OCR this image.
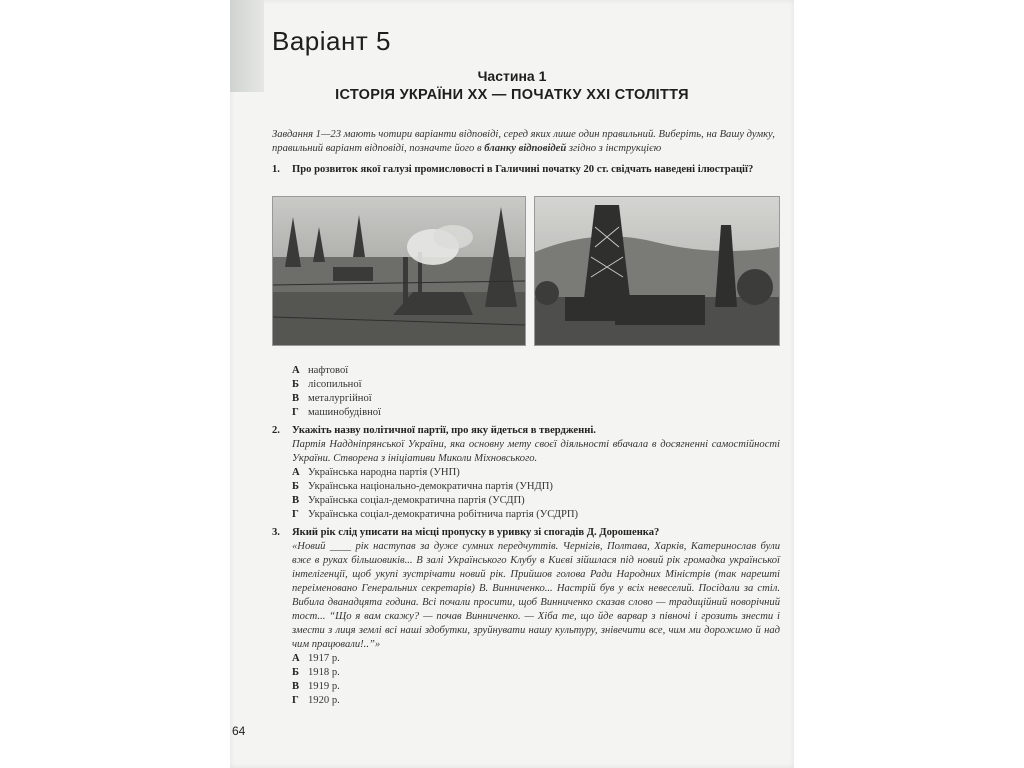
Варіант 5
Частина 1
ІСТОРІЯ УКРАЇНИ ХХ — ПОЧАТКУ ХХІ СТОЛІТТЯ
Завдання 1—23 мають чотири варіанти відповіді, серед яких лише один правильний. Виберіть, на Вашу думку, правильний варіант відповіді, позначте його в бланку відповідей згідно з інструкцією
1. Про розвиток якої галузі промисловості в Галичині початку 20 ст. свідчать наведені ілюстрації?
А нафтової
Б лісопильної
В металургійної
Г машинобудівної
2. Укажіть назву політичної партії, про яку йдеться в твердженні.
Партія Наддніпрянської України, яка основну мету своєї діяльності вбачала в досягненні самостійності України. Створена з ініціативи Миколи Міхновського.
А Українська народна партія (УНП)
Б Українська національно-демократична партія (УНДП)
В Українська соціал-демократична партія (УСДП)
Г Українська соціал-демократична робітнича партія (УСДРП)
3. Який рік слід уписати на місці пропуску в уривку зі спогадів Д. Дорошенка?
«Новий ____ рік наступав за дуже сумних передчуттів. Чернігів, Полтава, Харків, Катеринослав були вже в руках більшовиків... В залі Українського Клубу в Києві зійшлася під новий рік громадка української інтелігенції, щоб укупі зустрічати новий рік. Прийшов голова Ради Народних Міністрів (так нарешті переіменовано Генеральних секретарів) В. Винниченко... Настрій був у всіх невеселий. Посідали за стіл. Вибила дванадцята година. Всі почали просити, щоб Винниченко сказав слово — традиційний новорічний тост... “Що я вам скажу? — почав Винниченко. — Хіба те, що йде варвар з півночі і грозить знести і змести з лиця землі всі наші здобутки, зруйнувати нашу культуру, знівечити все, чим ми дорожимо й над чим працювали!..”»
А 1917 р.
Б 1918 р.
В 1919 р.
Г 1920 р.
64
